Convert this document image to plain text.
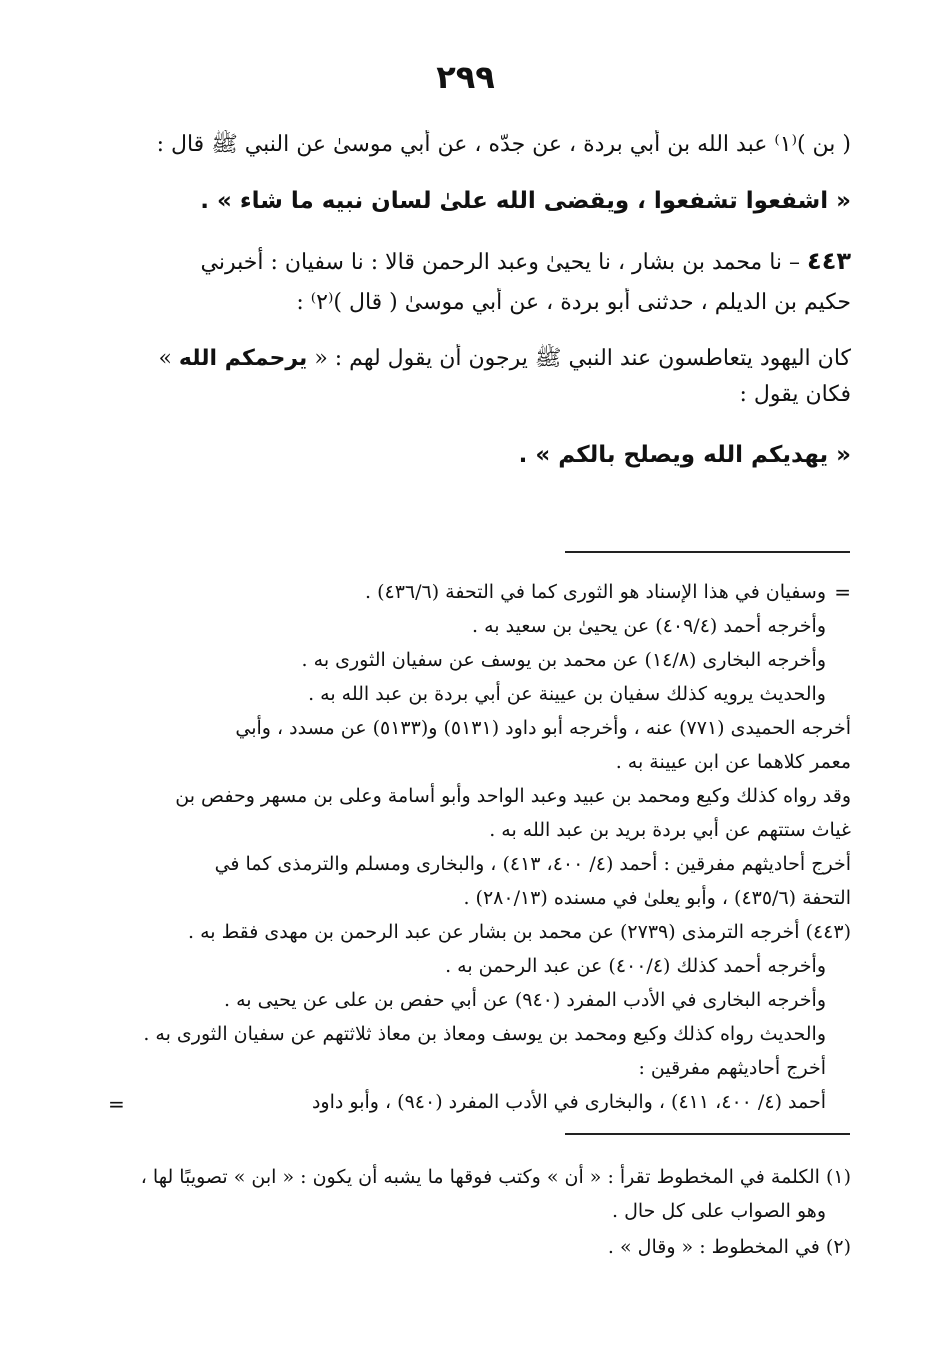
٢٩٩
( بن )⁽١⁾ عبد الله بن أبي بردة ، عن جدّه ، عن أبي موسىٰ عن النبي ﷺ قال :
« اشفعوا تشفعوا ، ويقضى الله علىٰ لسان نبيه ما شاء » .
٤٤٣ – نا محمد بن بشار ، نا يحيىٰ وعبد الرحمن قالا : نا سفيان : أخبرني
حكيم بن الديلم ، حدثنى أبو بردة ، عن أبي موسىٰ ( قال )⁽٢⁾ :
كان اليهود يتعاطسون عند النبي ﷺ يرجون أن يقول لهم : « يرحمكم الله »
فكان يقول :
« يهديكم الله ويصلح بالكم » .
=
وسفيان في هذا الإسناد هو الثورى كما في التحفة (٤٣٦/٦) .
وأخرجه أحمد (٤٠٩/٤) عن يحيىٰ بن سعيد به .
وأخرجه البخارى (١٤/٨) عن محمد بن يوسف عن سفيان الثورى به .
والحديث يرويه كذلك سفيان بن عيينة عن أبي بردة بن عبد الله به .
أخرجه الحميدى (٧٧١) عنه ، وأخرجه أبو داود (٥١٣١) و(٥١٣٣) عن مسدد ، وأبي
معمر كلاهما عن ابن عيينة به .
وقد رواه كذلك وكيع ومحمد بن عبيد وعبد الواحد وأبو أسامة وعلى بن مسهر وحفص بن
غياث ستتهم عن أبي بردة بريد بن عبد الله به .
أخرج أحاديثهم مفرقين : أحمد (٤/ ٤٠٠، ٤١٣) ، والبخارى ومسلم والترمذى كما في
التحفة (٤٣٥/٦) ، وأبو يعلىٰ في مسنده (٢٨٠/١٣) .
(٤٤٣) أخرجه الترمذى (٢٧٣٩) عن محمد بن بشار عن عبد الرحمن بن مهدى فقط به .
وأخرجه أحمد كذلك (٤٠٠/٤) عن عبد الرحمن به .
وأخرجه البخارى في الأدب المفرد (٩٤٠) عن أبي حفص بن على عن يحيى به .
والحديث رواه كذلك وكيع ومحمد بن يوسف ومعاذ بن معاذ ثلاثتهم عن سفيان الثورى به .
أخرج أحاديثهم مفرقين :
أحمد (٤/ ٤٠٠، ٤١١) ، والبخارى في الأدب المفرد (٩٤٠) ، وأبو داود
=
(١) الكلمة في المخطوط تقرأ : « أن » وكتب فوقها ما يشبه أن يكون : « ابن » تصويبًا لها ،
وهو الصواب على كل حال .
(٢) في المخطوط : « وقال » .
